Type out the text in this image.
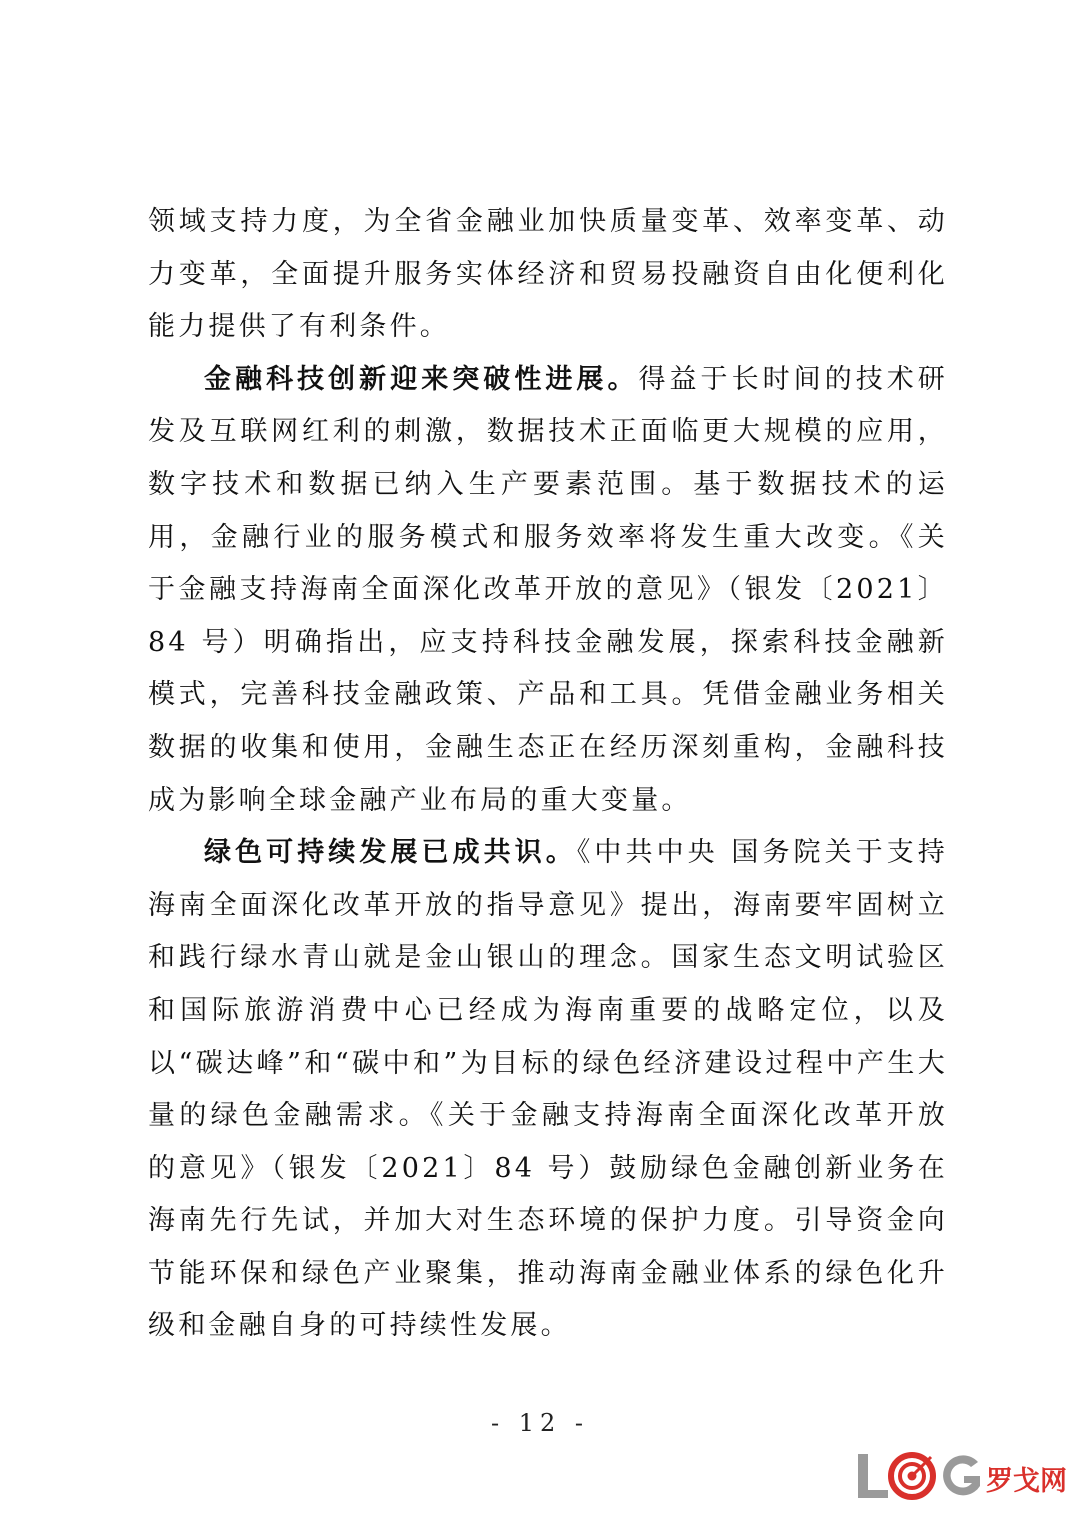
领域支持力度，为全省金融业加快质量变革、效率变革、动力变革，全面提升服务实体经济和贸易投融资自由化便利化能力提供了有利条件。

金融科技创新迎来突破性进展。得益于长时间的技术研发及互联网红利的刺激，数据技术正面临更大规模的应用，数字技术和数据已纳入生产要素范围。基于数据技术的运用，金融行业的服务模式和服务效率将发生重大改变。《关于金融支持海南全面深化改革开放的意见》（银发〔2021〕84 号）明确指出，应支持科技金融发展，探索科技金融新模式，完善科技金融政策、产品和工具。凭借金融业务相关数据的收集和使用，金融生态正在经历深刻重构，金融科技成为影响全球金融产业布局的重大变量。

绿色可持续发展已成共识。《中共中央 国务院关于支持海南全面深化改革开放的指导意见》提出，海南要牢固树立和践行绿水青山就是金山银山的理念。国家生态文明试验区和国际旅游消费中心已经成为海南重要的战略定位，以及以“碳达峰”和“碳中和”为目标的绿色经济建设过程中产生大量的绿色金融需求。《关于金融支持海南全面深化改革开放的意见》（银发〔2021〕84 号）鼓励绿色金融创新业务在海南先行先试，并加大对生态环境的保护力度。引导资金向节能环保和绿色产业聚集，推动海南金融业体系的绿色化升级和金融自身的可持续性发展。

- 12 -
罗戈网
